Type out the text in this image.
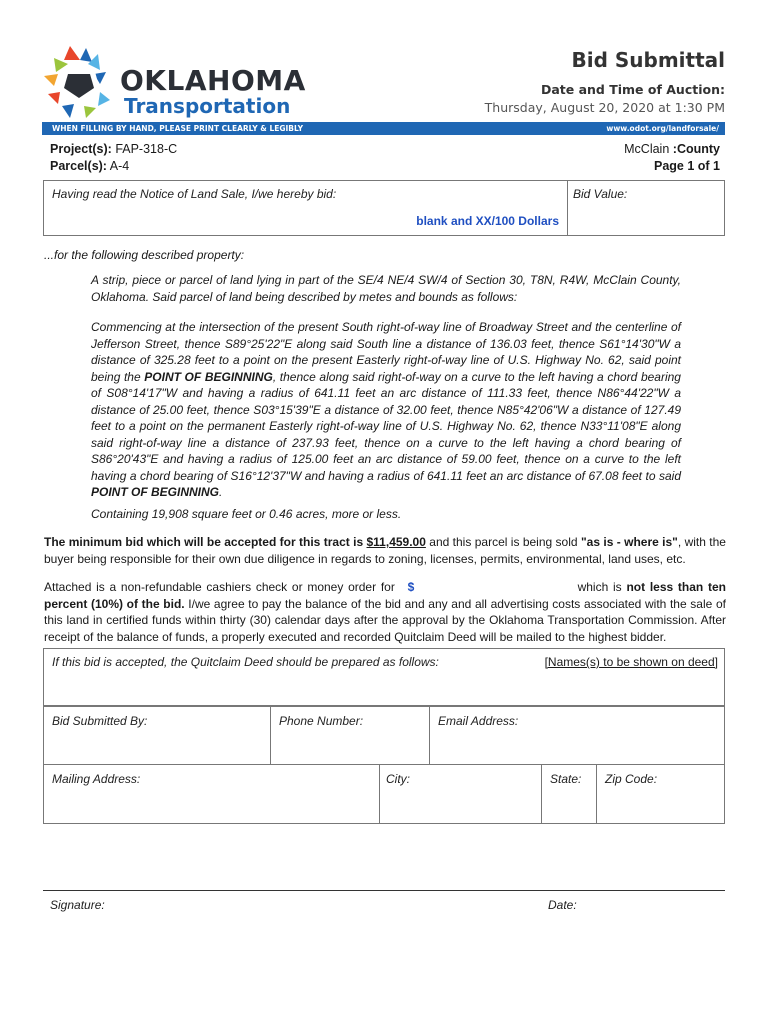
OKLAHOMA
Transportation
Bid Submittal
Date and Time of Auction:
Thursday, August 20, 2020 at 1:30 PM
WHEN FILLING BY HAND, PLEASE PRINT CLEARLY & LEGIBLY	www.odot.org/landforsale/
Project(s): FAP-318-C
Parcel(s): A-4
McClain :County
Page 1 of 1
Having read the Notice of Land Sale, I/we hereby bid:
blank and XX/100 Dollars
Bid Value:
...for the following described property:
A strip, piece or parcel of land lying in part of the SE/4 NE/4 SW/4 of Section 30, T8N, R4W, McClain County, Oklahoma. Said parcel of land being described by metes and bounds as follows:
Commencing at the intersection of the present South right-of-way line of Broadway Street and the centerline of Jefferson Street, thence S89°25'22"E along said South line a distance of 136.03 feet, thence S61°14'30"W a distance of 325.28 feet to a point on the present Easterly right-of-way line of U.S. Highway No. 62, said point being the POINT OF BEGINNING, thence along said right-of-way on a curve to the left having a chord bearing of S08°14'17"W and having a radius of 641.11 feet an arc distance of 111.33 feet, thence N86°44'22"W a distance of 25.00 feet, thence S03°15'39"E a distance of 32.00 feet, thence N85°42'06"W a distance of 127.49 feet to a point on the permanent Easterly right-of-way line of U.S. Highway No. 62, thence N33°11'08"E along said right-of-way line a distance of 237.93 feet, thence on a curve to the left having a chord bearing of S86°20'43"E and having a radius of 125.00 feet an arc distance of 59.00 feet, thence on a curve to the left having a chord bearing of S16°12'37"W and having a radius of 641.11 feet an arc distance of 67.08 feet to said POINT OF BEGINNING.
Containing 19,908 square feet or 0.46 acres, more or less.
The minimum bid which will be accepted for this tract is $11,459.00 and this parcel is being sold "as is - where is", with the buyer being responsible for their own due diligence in regards to zoning, licenses, permits, environmental, land uses, etc.
Attached is a non-refundable cashiers check or money order for $	which is not less than ten percent (10%) of the bid. I/we agree to pay the balance of the bid and any and all advertising costs associated with the sale of this land in certified funds within thirty (30) calendar days after the approval by the Oklahoma Transportation Commission. After receipt of the balance of funds, a properly executed and recorded Quitclaim Deed will be mailed to the highest bidder.
If this bid is accepted, the Quitclaim Deed should be prepared as follows:	[Names(s) to be shown on deed]
Bid Submitted By:	Phone Number:	Email Address:
Mailing Address:	City:	State: Zip Code:
Signature:	Date:
